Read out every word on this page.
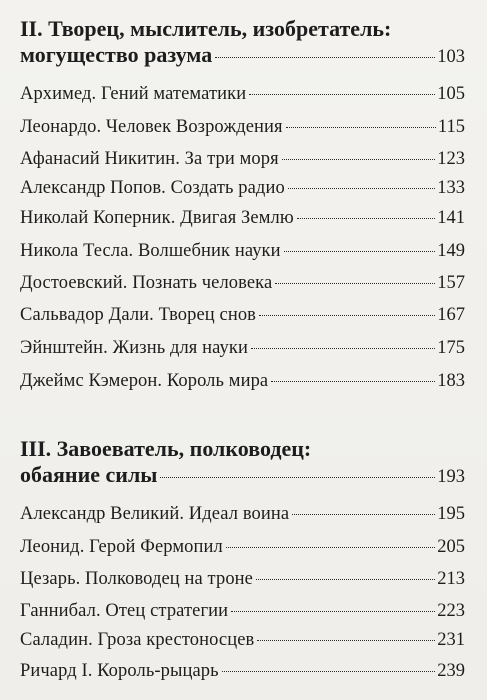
II. Творец, мыслитель, изобретатель:
могущество разума	103
Архимед. Гений математики	105
Леонардо. Человек Возрождения	115
Афанасий Никитин. За три моря	123
Александр Попов. Создать радио	133
Николай Коперник. Двигая Землю	141
Никола Тесла. Волшебник науки	149
Достоевский. Познать человека	157
Сальвадор Дали. Творец снов	167
Эйнштейн. Жизнь для науки	175
Джеймс Кэмерон. Король мира	183
III. Завоеватель, полководец:
обаяние силы	193
Александр Великий. Идеал воина	195
Леонид. Герой Фермопил	205
Цезарь. Полководец на троне	213
Ганнибал. Отец стратегии	223
Саладин. Гроза крестоносцев	231
Ричард I. Король-рыцарь	239
